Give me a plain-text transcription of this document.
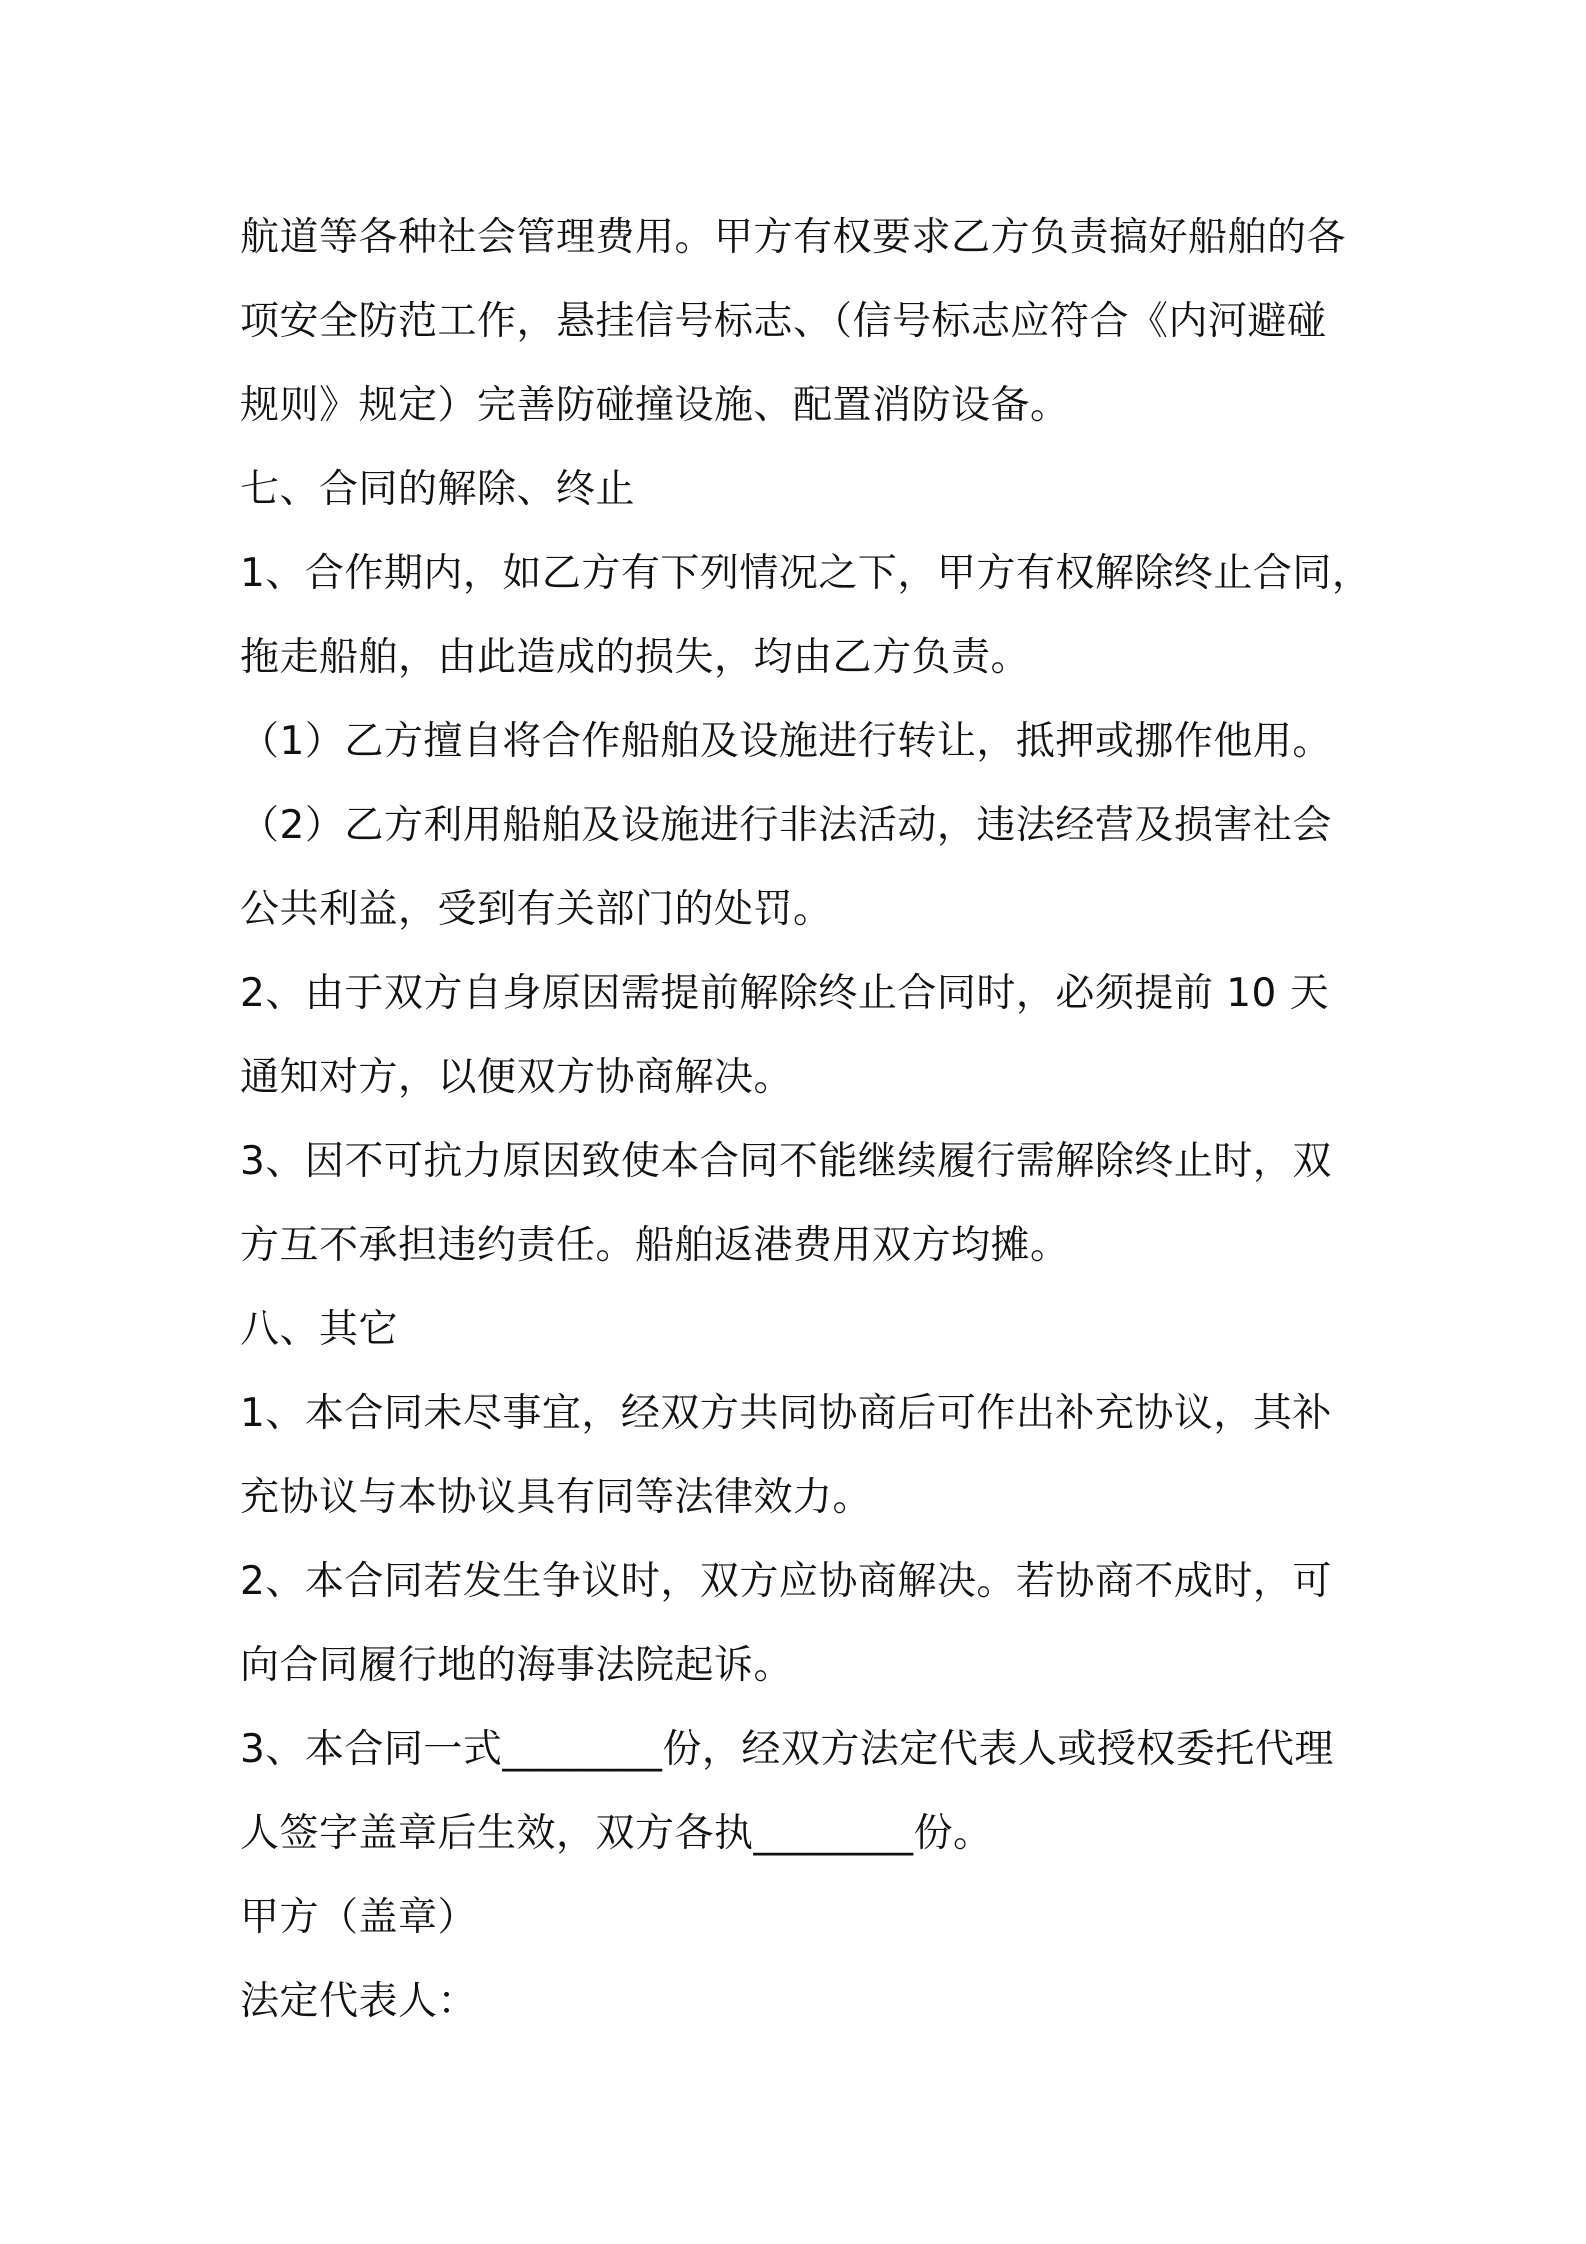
航道等各种社会管理费用。甲方有权要求乙方负责搞好船舶的各
项安全防范工作，悬挂信号标志、（信号标志应符合《内河避碰
规则》规定）完善防碰撞设施、配置消防设备。
七、合同的解除、终止
1、合作期内，如乙方有下列情况之下，甲方有权解除终止合同，
拖走船舶，由此造成的损失，均由乙方负责。
（1）乙方擅自将合作船舶及设施进行转让，抵押或挪作他用。
（2）乙方利用船舶及设施进行非法活动，违法经营及损害社会
公共利益，受到有关部门的处罚。
2、由于双方自身原因需提前解除终止合同时，必须提前 10 天
通知对方，以便双方协商解决。
3、因不可抗力原因致使本合同不能继续履行需解除终止时，双
方互不承担违约责任。船舶返港费用双方均摊。
八、其它
1、本合同未尽事宜，经双方共同协商后可作出补充协议，其补
充协议与本协议具有同等法律效力。
2、本合同若发生争议时，双方应协商解决。若协商不成时，可
向合同履行地的海事法院起诉。
3、本合同一式________份，经双方法定代表人或授权委托代理
人签字盖章后生效，双方各执________份。
甲方（盖章）
法定代表人：
